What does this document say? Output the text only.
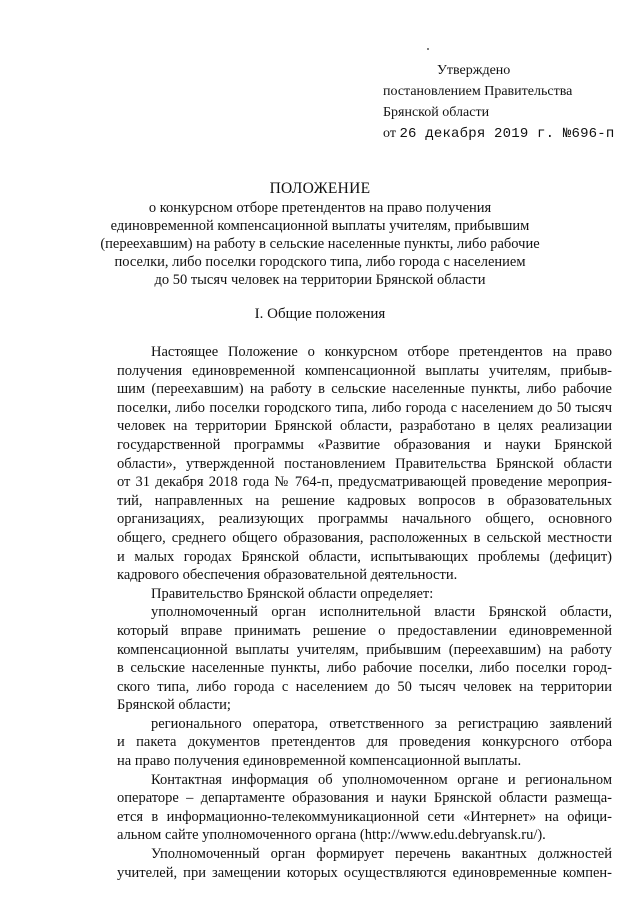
Утверждено
постановлением Правительства
Брянской области
от 26 декабря 2019 г. №696-п
ПОЛОЖЕНИЕ
о конкурсном отборе претендентов на право получения
единовременной компенсационной выплаты учителям, прибывшим
(переехавшим) на работу в сельские населенные пункты, либо рабочие
поселки, либо поселки городского типа, либо города с населением
до 50 тысяч человек на территории Брянской области
I. Общие положения

Настоящее Положение о конкурсном отборе претендентов на право

получения единовременной компенсационной выплаты учителям, прибыв-

шим (переехавшим) на работу в сельские населенные пункты, либо рабочие

поселки, либо поселки городского типа, либо города с населением до 50 тысяч

человек на территории Брянской области, разработано в целях реализации

государственной программы «Развитие образования и науки Брянской

области», утвержденной постановлением Правительства Брянской области

от 31 декабря 2018 года № 764-п, предусматривающей проведение мероприя-

тий, направленных на решение кадровых вопросов в образовательных

организациях, реализующих программы начального общего, основного

общего, среднего общего образования, расположенных в сельской местности

и малых городах Брянской области, испытывающих проблемы (дефицит)

кадрового обеспечения образовательной деятельности.

Правительство Брянской области определяет:

уполномоченный орган исполнительной власти Брянской области,

который вправе принимать решение о предоставлении единовременной

компенсационной выплаты учителям, прибывшим (переехавшим) на работу

в сельские населенные пункты, либо рабочие поселки, либо поселки город-

ского типа, либо города с населением до 50 тысяч человек на территории

Брянской области;

регионального оператора, ответственного за регистрацию заявлений

и пакета документов претендентов для проведения конкурсного отбора

на право получения единовременной компенсационной выплаты.

Контактная информация об уполномоченном органе и региональном

операторе – департаменте образования и науки Брянской области размеща-

ется в информационно-телекоммуникационной сети «Интернет» на офици-

альном сайте уполномоченного органа (http://www.edu.debryansk.ru/).

Уполномоченный орган формирует перечень вакантных должностей

учителей, при замещении которых осуществляются единовременные компен-
